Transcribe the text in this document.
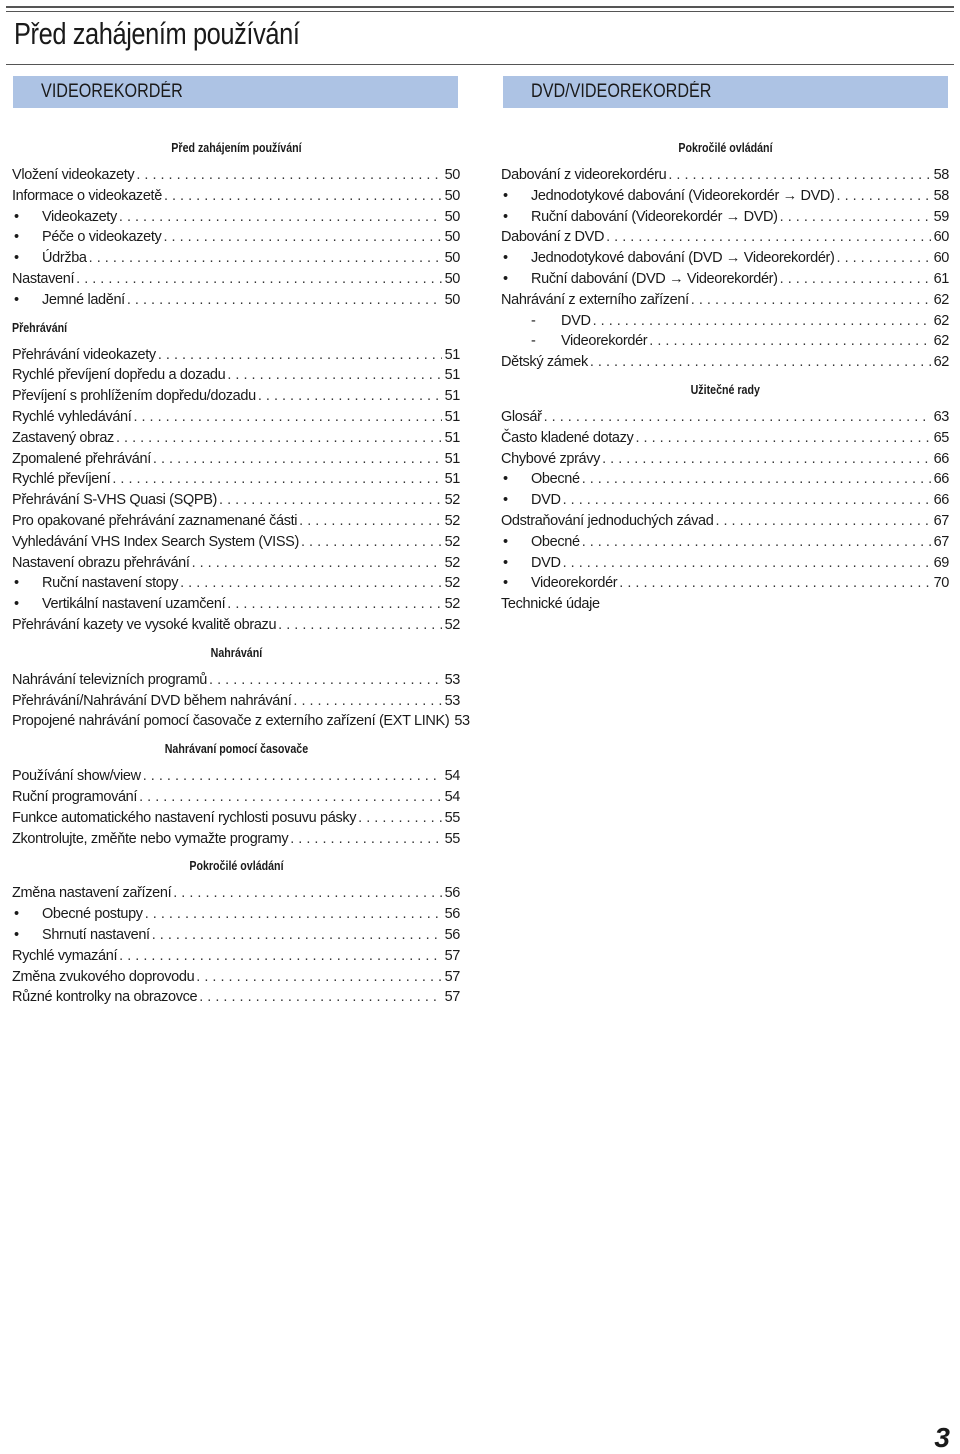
Před zahájením používání
VIDEOREKORDÉR	DVD/VIDEOREKORDÉR
Před zahájením používání
Vložení videokazety . . .	50
Informace o videokazetě . . .	50
•	Videokazety . . .	50
•	Péče o videokazety . . .	50
•	Údržba . . .	50
Nastavení . . .	50
•	Jemné ladění . . .	50
Přehrávání
Přehrávání videokazety . . .	51
Rychlé převíjení dopředu a dozadu . . .	51
Převíjení s prohlížením dopředu/dozadu . . .	51
Rychlé vyhledávání . . .	51
Zastavený obraz . . .	51
Zpomalené přehrávání . . .	51
Rychlé převíjení . . .	51
Přehrávání S-VHS Quasi (SQPB) . . .	52
Pro opakované přehrávání zaznamenané části . . .	52
Vyhledávání VHS Index Search System (VISS) . . .	52
Nastavení obrazu přehrávání . . .	52
•	Ruční nastavení stopy . . .	52
•	Vertikální nastavení uzamčení . . .	52
Přehrávání kazety ve vysoké kvalitě obrazu . . .	52
Nahrávání
Nahrávání televizních programů . . .	53
Přehrávání/Nahrávání DVD během nahrávání . . .	53
Propojené nahrávání pomocí časovače z externího zařízení (EXT LINK) . . . 53
Nahrávaní pomocí časovače
Používání show/view . . .	54
Ruční programování . . .	54
Funkce automatického nastavení rychlosti posuvu pásky . . .	55
Zkontrolujte, změňte nebo vymažte programy . . .	55
Pokročilé ovládání
Změna nastavení zařízení . . .	56
•	Obecné postupy . . .	56
•	Shrnutí nastavení . . .	56
Rychlé vymazání . . .	57
Změna zvukového doprovodu . . .	57
Různé kontrolky na obrazovce . . .	57
Pokročilé ovládání
Dabování z videorekordéru . . .	58
•	Jednodotykové dabování (Videorekordér → DVD) . . .	58
•	Ruční dabování (Videorekordér → DVD) . . .	59
Dabování z DVD . . .	60
•	Jednodotykové dabování (DVD → Videorekordér) . . .	60
•	Ruční dabování (DVD → Videorekordér) . . .	61
Nahrávání z externího zařízení . . .	62
-	DVD . . .	62
-	Videorekordér . . .	62
Dětský zámek . . .	62
Užitečné rady
Glosář . . .	63
Často kladené dotazy . . .	65
Chybové zprávy . . .	66
•	Obecné . . .	66
•	DVD . . .	66
Odstraňování jednoduchých závad . . .	67
•	Obecné . . .	67
•	DVD . . .	69
•	Videorekordér . . .	70
Technické údaje
3
